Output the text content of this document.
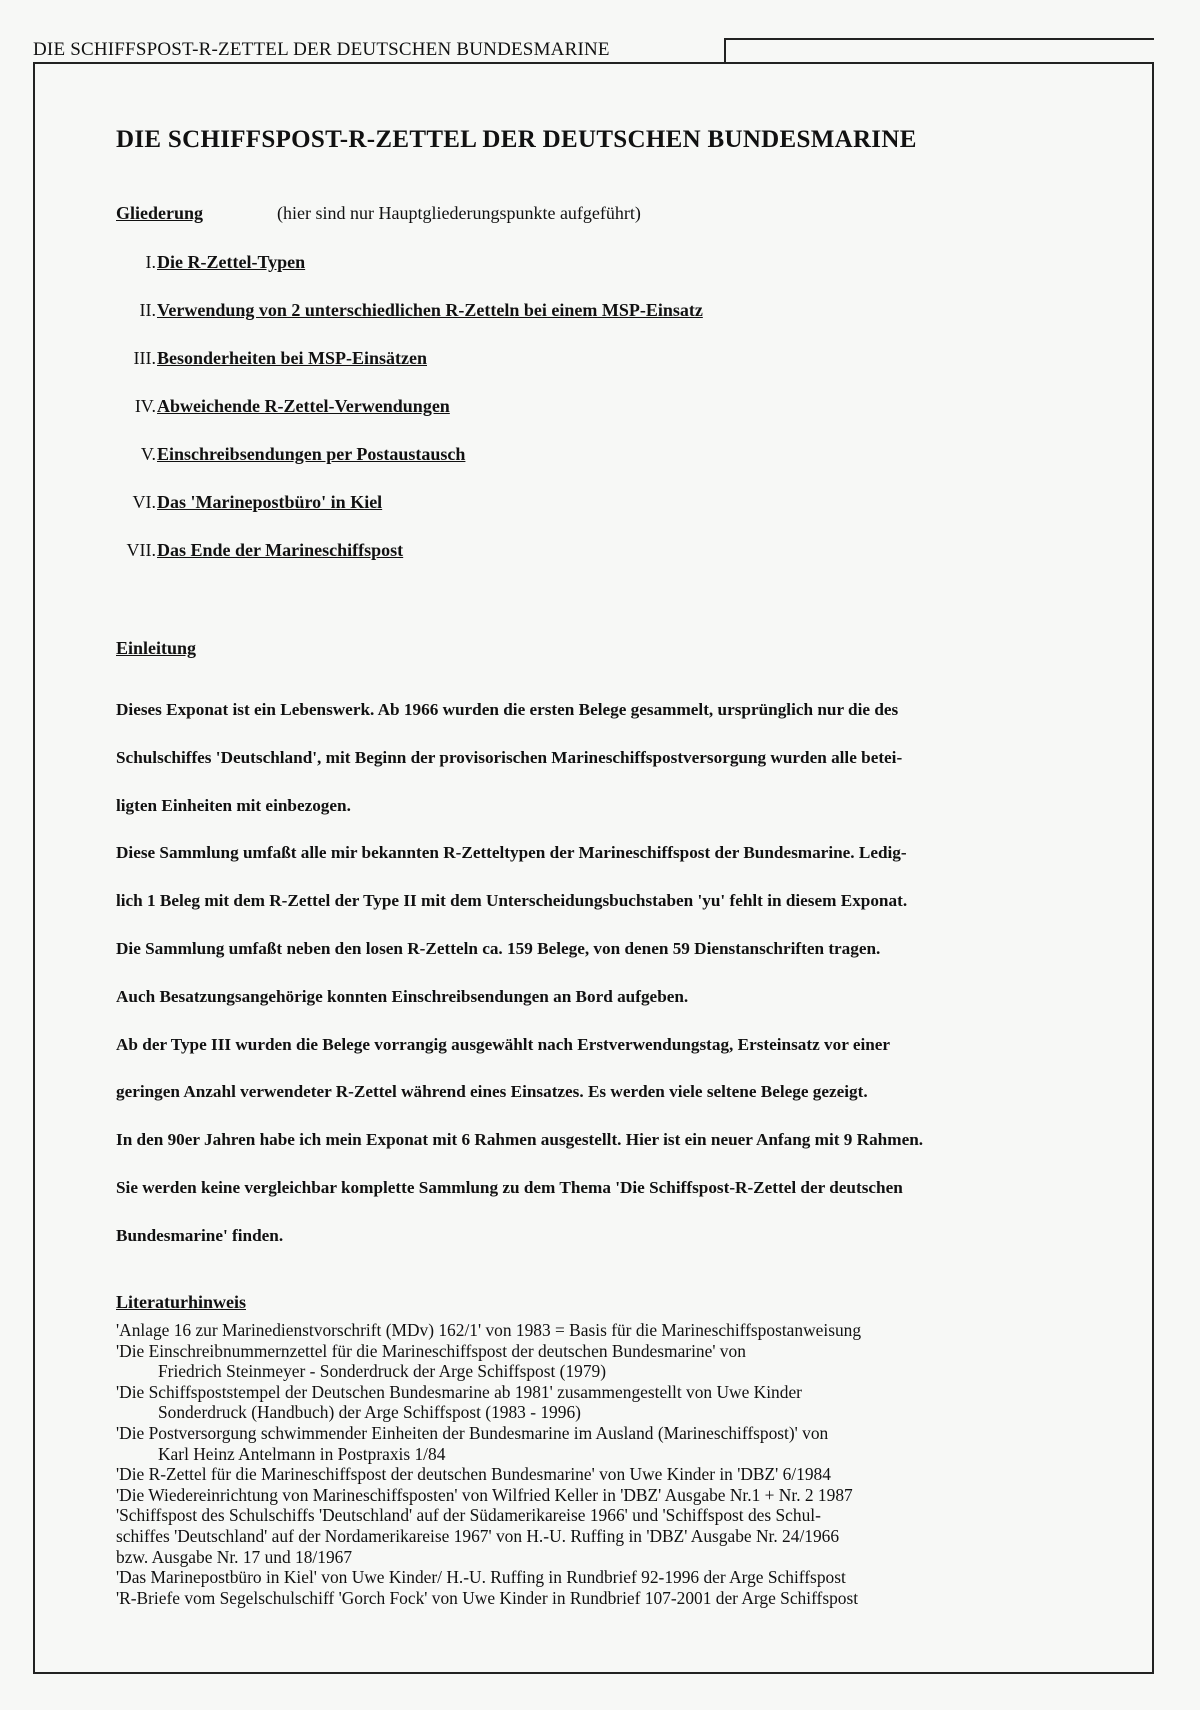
DIE SCHIFFSPOST-R-ZETTEL DER DEUTSCHEN BUNDESMARINE
DIE SCHIFFSPOST-R-ZETTEL DER DEUTSCHEN BUNDESMARINE
Gliederung	(hier sind nur Hauptgliederungspunkte aufgeführt)
I. Die R-Zettel-Typen
II. Verwendung von 2 unterschiedlichen R-Zetteln bei einem MSP-Einsatz
III. Besonderheiten bei MSP-Einsätzen
IV. Abweichende R-Zettel-Verwendungen
V. Einschreibsendungen per Postaustausch
VI. Das 'Marinepostbüro' in Kiel
VII. Das Ende der Marineschiffspost
Einleitung

Dieses Exponat ist ein Lebenswerk. Ab 1966 wurden die ersten Belege gesammelt, ursprünglich nur die des

Schulschiffes 'Deutschland', mit Beginn der provisorischen Marineschiffspostversorgung wurden alle betei-

ligten Einheiten mit einbezogen.

Diese Sammlung umfaßt alle mir bekannten R-Zetteltypen der Marineschiffspost der Bundesmarine. Ledig-

lich 1 Beleg mit dem R-Zettel der Type II mit dem Unterscheidungsbuchstaben 'yu' fehlt in diesem Exponat.

Die Sammlung umfaßt neben den losen R-Zetteln ca. 159 Belege, von denen 59 Dienstanschriften tragen.

Auch Besatzungsangehörige konnten Einschreibsendungen an Bord aufgeben.

Ab der Type III wurden die Belege vorrangig ausgewählt nach Erstverwendungstag, Ersteinsatz vor einer

geringen Anzahl verwendeter R-Zettel während eines Einsatzes. Es werden viele seltene Belege gezeigt.

In den 90er Jahren habe ich mein Exponat mit 6 Rahmen ausgestellt. Hier ist ein neuer Anfang mit 9 Rahmen.

Sie werden keine vergleichbar komplette Sammlung zu dem Thema 'Die Schiffspost-R-Zettel der deutschen

Bundesmarine' finden.

Literaturhinweis

'Anlage 16 zur Marinedienstvorschrift (MDv) 162/1' von 1983 = Basis für die Marineschiffspostanweisung

'Die Einschreibnummernzettel für die Marineschiffspost der deutschen Bundesmarine' von

Friedrich Steinmeyer - Sonderdruck der Arge Schiffspost (1979)

'Die Schiffspoststempel der Deutschen Bundesmarine ab 1981' zusammengestellt von Uwe Kinder

Sonderdruck (Handbuch) der Arge Schiffspost (1983 - 1996)

'Die Postversorgung schwimmender Einheiten der Bundesmarine im Ausland (Marineschiffspost)' von

Karl Heinz Antelmann in Postpraxis 1/84

'Die R-Zettel für die Marineschiffspost der deutschen Bundesmarine' von Uwe Kinder in 'DBZ' 6/1984

'Die Wiedereinrichtung von Marineschiffsposten' von Wilfried Keller in 'DBZ' Ausgabe Nr.1 + Nr. 2 1987

'Schiffspost des Schulschiffs 'Deutschland' auf der Südamerikareise 1966' und 'Schiffspost des Schul-

schiffes 'Deutschland' auf der Nordamerikareise 1967' von H.-U. Ruffing in 'DBZ' Ausgabe Nr. 24/1966

bzw. Ausgabe Nr. 17 und 18/1967

'Das Marinepostbüro in Kiel' von Uwe Kinder/ H.-U. Ruffing in Rundbrief 92-1996 der Arge Schiffspost

'R-Briefe vom Segelschulschiff 'Gorch Fock' von Uwe Kinder in Rundbrief 107-2001 der Arge Schiffspost
